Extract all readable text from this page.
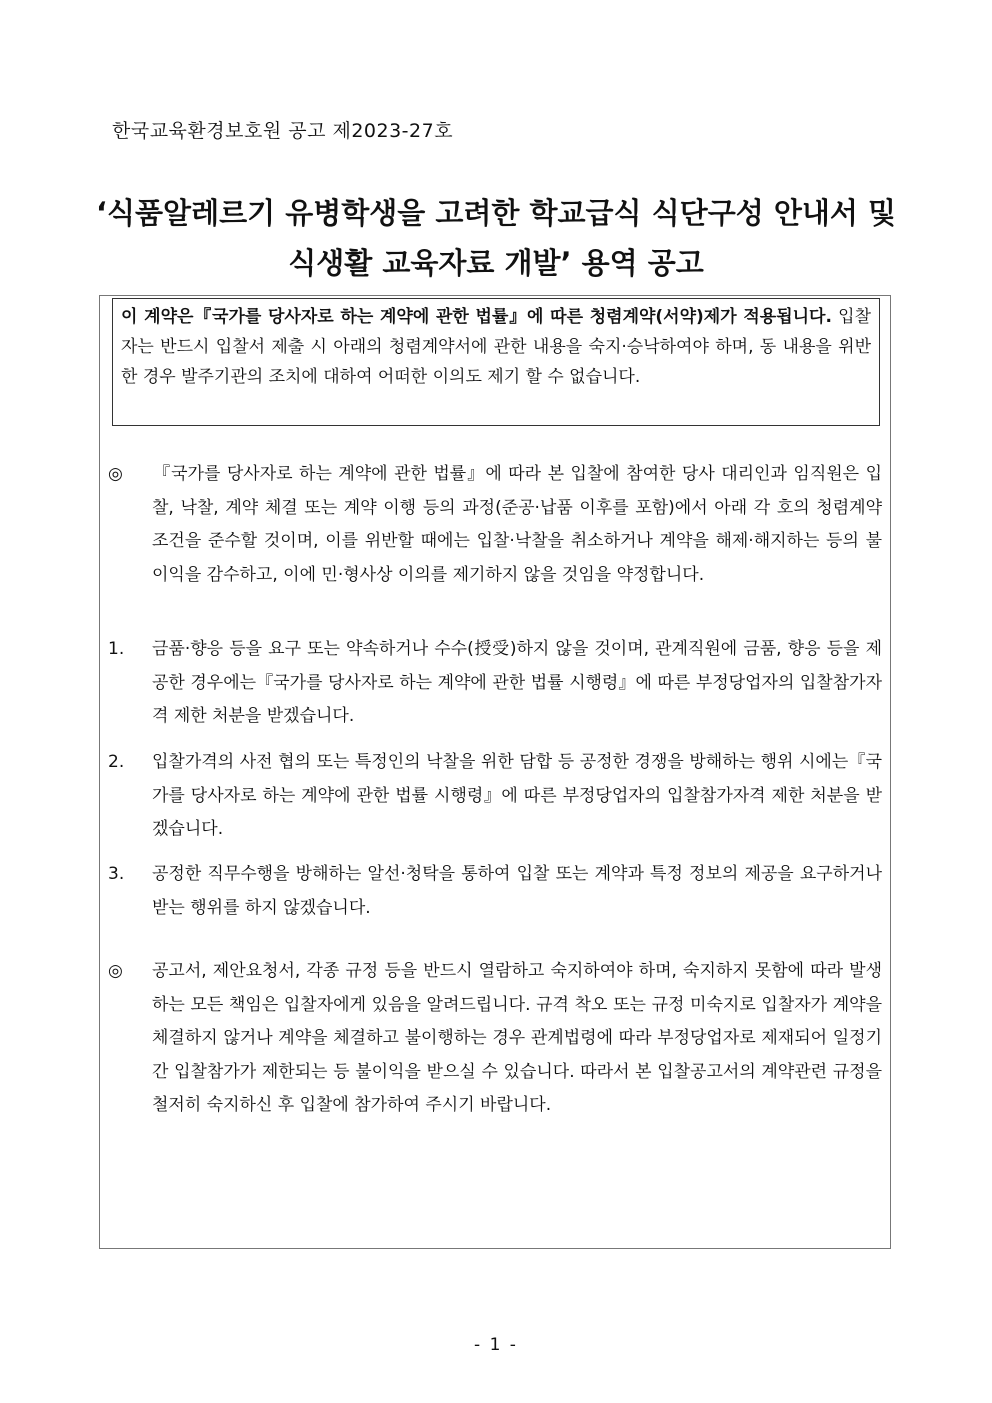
한국교육환경보호원 공고 제2023-27호
‘식품알레르기 유병학생을 고려한 학교급식 식단구성 안내서 및
식생활 교육자료 개발’ 용역 공고

이 계약은『국가를 당사자로 하는 계약에 관한 법률』에 따른 청렴계약(서약)제가 적용됩니다. 입찰자는 반드시 입찰서 제출 시 아래의 청렴계약서에 관한 내용을 숙지·승낙하여야 하며, 동 내용을 위반한 경우 발주기관의 조치에 대하여 어떠한 이의도 제기 할 수 없습니다.

◎ 『국가를 당사자로 하는 계약에 관한 법률』에 따라 본 입찰에 참여한 당사 대리인과 임직원은 입찰, 낙찰, 계약 체결 또는 계약 이행 등의 과정(준공·납품 이후를 포함)에서 아래 각 호의 청렴계약 조건을 준수할 것이며, 이를 위반할 때에는 입찰·낙찰을 취소하거나 계약을 해제·해지하는 등의 불이익을 감수하고, 이에 민·형사상 이의를 제기하지 않을 것임을 약정합니다.
1. 금품·향응 등을 요구 또는 약속하거나 수수(授受)하지 않을 것이며, 관계직원에 금품, 향응 등을 제공한 경우에는『국가를 당사자로 하는 계약에 관한 법률 시행령』에 따른 부정당업자의 입찰참가자격 제한 처분을 받겠습니다.
2. 입찰가격의 사전 협의 또는 특정인의 낙찰을 위한 담합 등 공정한 경쟁을 방해하는 행위 시에는『국가를 당사자로 하는 계약에 관한 법률 시행령』에 따른 부정당업자의 입찰참가자격 제한 처분을 받겠습니다.
3. 공정한 직무수행을 방해하는 알선·청탁을 통하여 입찰 또는 계약과 특정 정보의 제공을 요구하거나 받는 행위를 하지 않겠습니다.
◎ 공고서, 제안요청서, 각종 규정 등을 반드시 열람하고 숙지하여야 하며, 숙지하지 못함에 따라 발생하는 모든 책임은 입찰자에게 있음을 알려드립니다. 규격 착오 또는 규정 미숙지로 입찰자가 계약을 체결하지 않거나 계약을 체결하고 불이행하는 경우 관계법령에 따라 부정당업자로 제재되어 일정기간 입찰참가가 제한되는 등 불이익을 받으실 수 있습니다. 따라서 본 입찰공고서의 계약관련 규정을 철저히 숙지하신 후 입찰에 참가하여 주시기 바랍니다.
- 1 -
